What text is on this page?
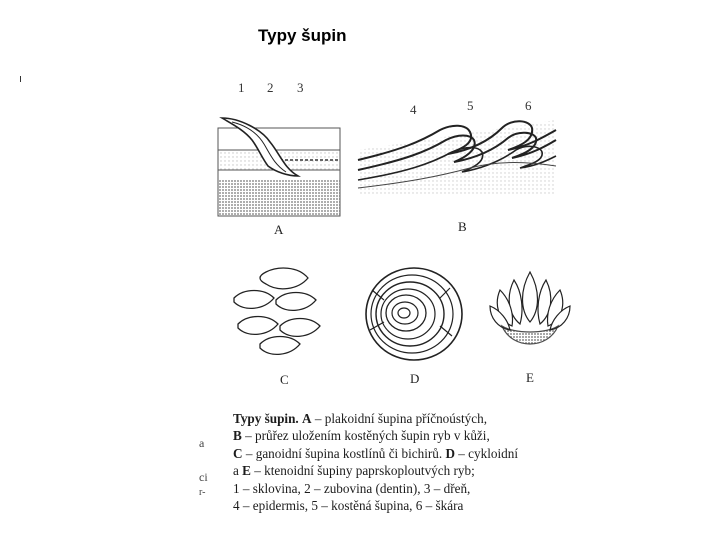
Typy šupin
a
ci
r-
1 2 3
4	5	6
A	B
C	D	E
Typy šupin. A – plakoidní šupina příčnoústých,
B – průřez uložením kostěných šupin ryb v kůži,
C – ganoidní šupina kostlínů či bichirů. D – cykloidní
a E – ktenoidní šupiny paprskoploutvých ryb;
1 – sklovina, 2 – zubovina (dentin), 3 – dřeň,
4 – epidermis, 5 – kostěná šupina, 6 – škára
